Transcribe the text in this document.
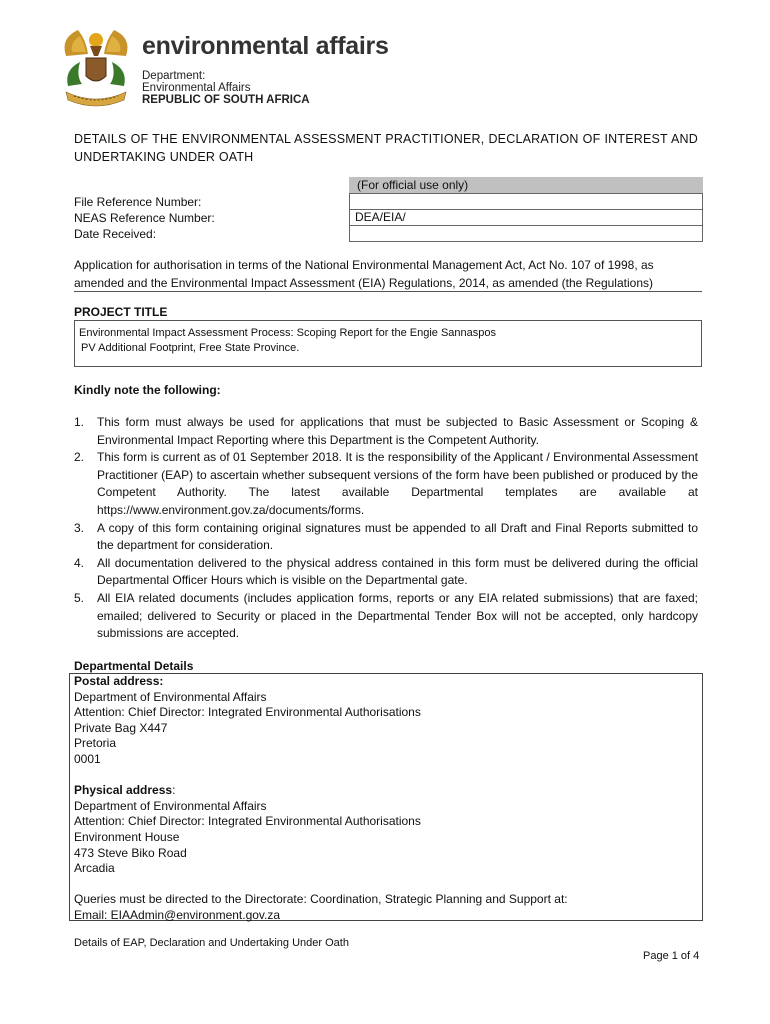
environmental affairs
Department:
Environmental Affairs
REPUBLIC OF SOUTH AFRICA
DETAILS OF THE ENVIRONMENTAL ASSESSMENT PRACTITIONER, DECLARATION OF INTEREST AND UNDERTAKING UNDER OATH
(For official use only)
DEA/EIA/
File Reference Number:
NEAS Reference Number:
Date Received:
Application for authorisation in terms of the National Environmental Management Act, Act No. 107 of 1998, as amended and the Environmental Impact Assessment (EIA) Regulations, 2014, as amended (the Regulations)
PROJECT TITLE
Environmental Impact Assessment Process: Scoping Report for the Engie Sannaspos
PV Additional Footprint, Free State Province.
Kindly note the following:
1. This form must always be used for applications that must be subjected to Basic Assessment or Scoping & Environmental Impact Reporting where this Department is the Competent Authority.
2. This form is current as of 01 September 2018. It is the responsibility of the Applicant / Environmental Assessment Practitioner (EAP) to ascertain whether subsequent versions of the form have been published or produced by the Competent Authority. The latest available Departmental templates are available at https://www.environment.gov.za/documents/forms.
3. A copy of this form containing original signatures must be appended to all Draft and Final Reports submitted to the department for consideration.
4. All documentation delivered to the physical address contained in this form must be delivered during the official Departmental Officer Hours which is visible on the Departmental gate.
5. All EIA related documents (includes application forms, reports or any EIA related submissions) that are faxed; emailed; delivered to Security or placed in the Departmental Tender Box will not be accepted, only hardcopy submissions are accepted.
Departmental Details
Postal address:
Department of Environmental Affairs
Attention: Chief Director: Integrated Environmental Authorisations
Private Bag X447
Pretoria
0001
Physical address:
Department of Environmental Affairs
Attention: Chief Director: Integrated Environmental Authorisations
Environment House
473 Steve Biko Road
Arcadia
Queries must be directed to the Directorate: Coordination, Strategic Planning and Support at:
Email: EIAAdmin@environment.gov.za
Details of EAP, Declaration and Undertaking Under Oath
Page 1 of 4
